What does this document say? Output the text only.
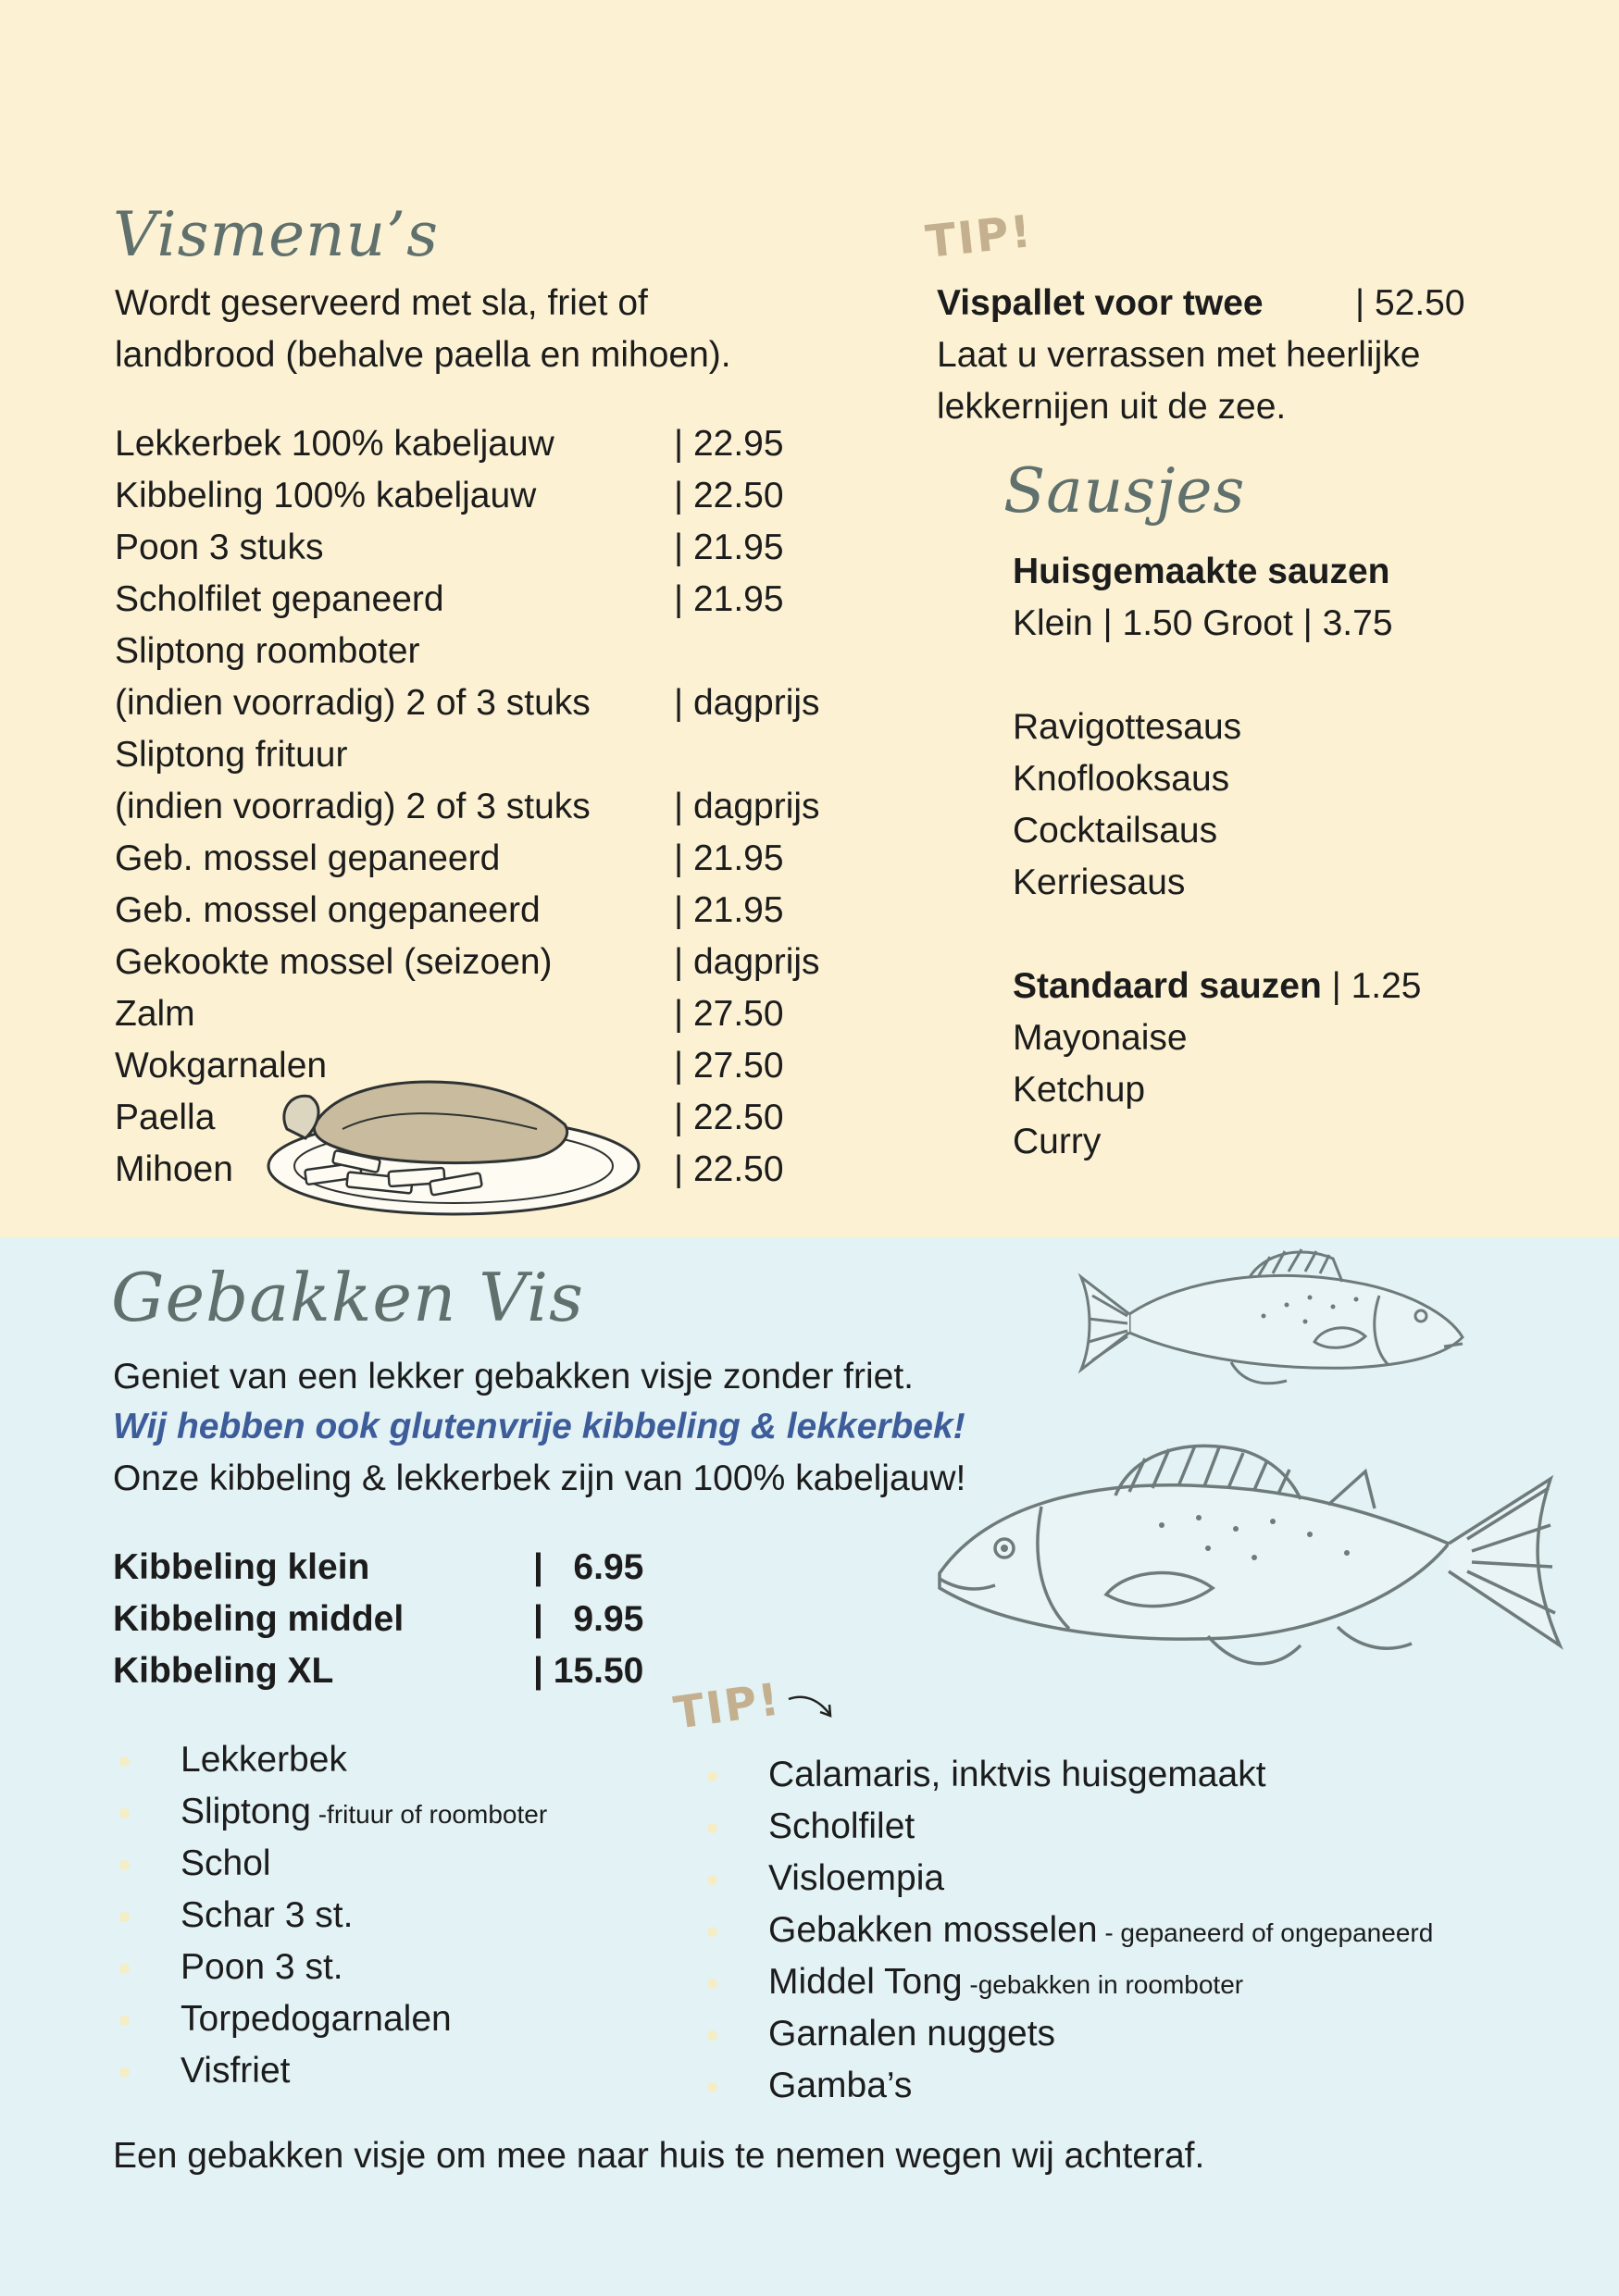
Vismenu’s
Wordt geserveerd met sla, friet of
landbrood (behalve paella en mihoen).
Lekkerbek 100% kabeljauw	| 22.95
Kibbeling 100% kabeljauw	| 22.50
Poon 3 stuks	| 21.95
Scholfilet gepaneerd	| 21.95
Sliptong roomboter
(indien voorradig) 2 of 3 stuks | dagprijs
Sliptong frituur
(indien voorradig) 2 of 3 stuks | dagprijs
Geb. mossel gepaneerd	| 21.95
Geb. mossel ongepaneerd	| 21.95
Gekookte mossel (seizoen)	| dagprijs
Zalm	| 27.50
Wokgarnalen	| 27.50
Paella	| 22.50
Mihoen	| 22.50
TIP!
Vispallet voor twee	| 52.50
Laat u verrassen met heerlijke
lekkernijen uit de zee.
Sausjes
Huisgemaakte sauzen
Klein | 1.50 Groot | 3.75
Ravigottesaus
Knoflooksaus
Cocktailsaus
Kerriesaus
Standaard sauzen | 1.25
Mayonaise
Ketchup
Curry
Gebakken Vis
Geniet van een lekker gebakken visje zonder friet.
Wij hebben ook glutenvrije kibbeling & lekkerbek!
Onze kibbeling & lekkerbek zijn van 100% kabeljauw!
Kibbeling klein	|   6.95
Kibbeling middel	|   9.95
Kibbeling XL	| 15.50
TIP!
Lekkerbek
Sliptong -frituur of roomboter
Schol
Schar 3 st.
Poon 3 st.
Torpedogarnalen
Visfriet
Calamaris, inktvis huisgemaakt
Scholfilet
Visloempia
Gebakken mosselen - gepaneerd of ongepaneerd
Middel Tong -gebakken in roomboter
Garnalen nuggets
Gamba’s
Een gebakken visje om mee naar huis te nemen wegen wij achteraf.
